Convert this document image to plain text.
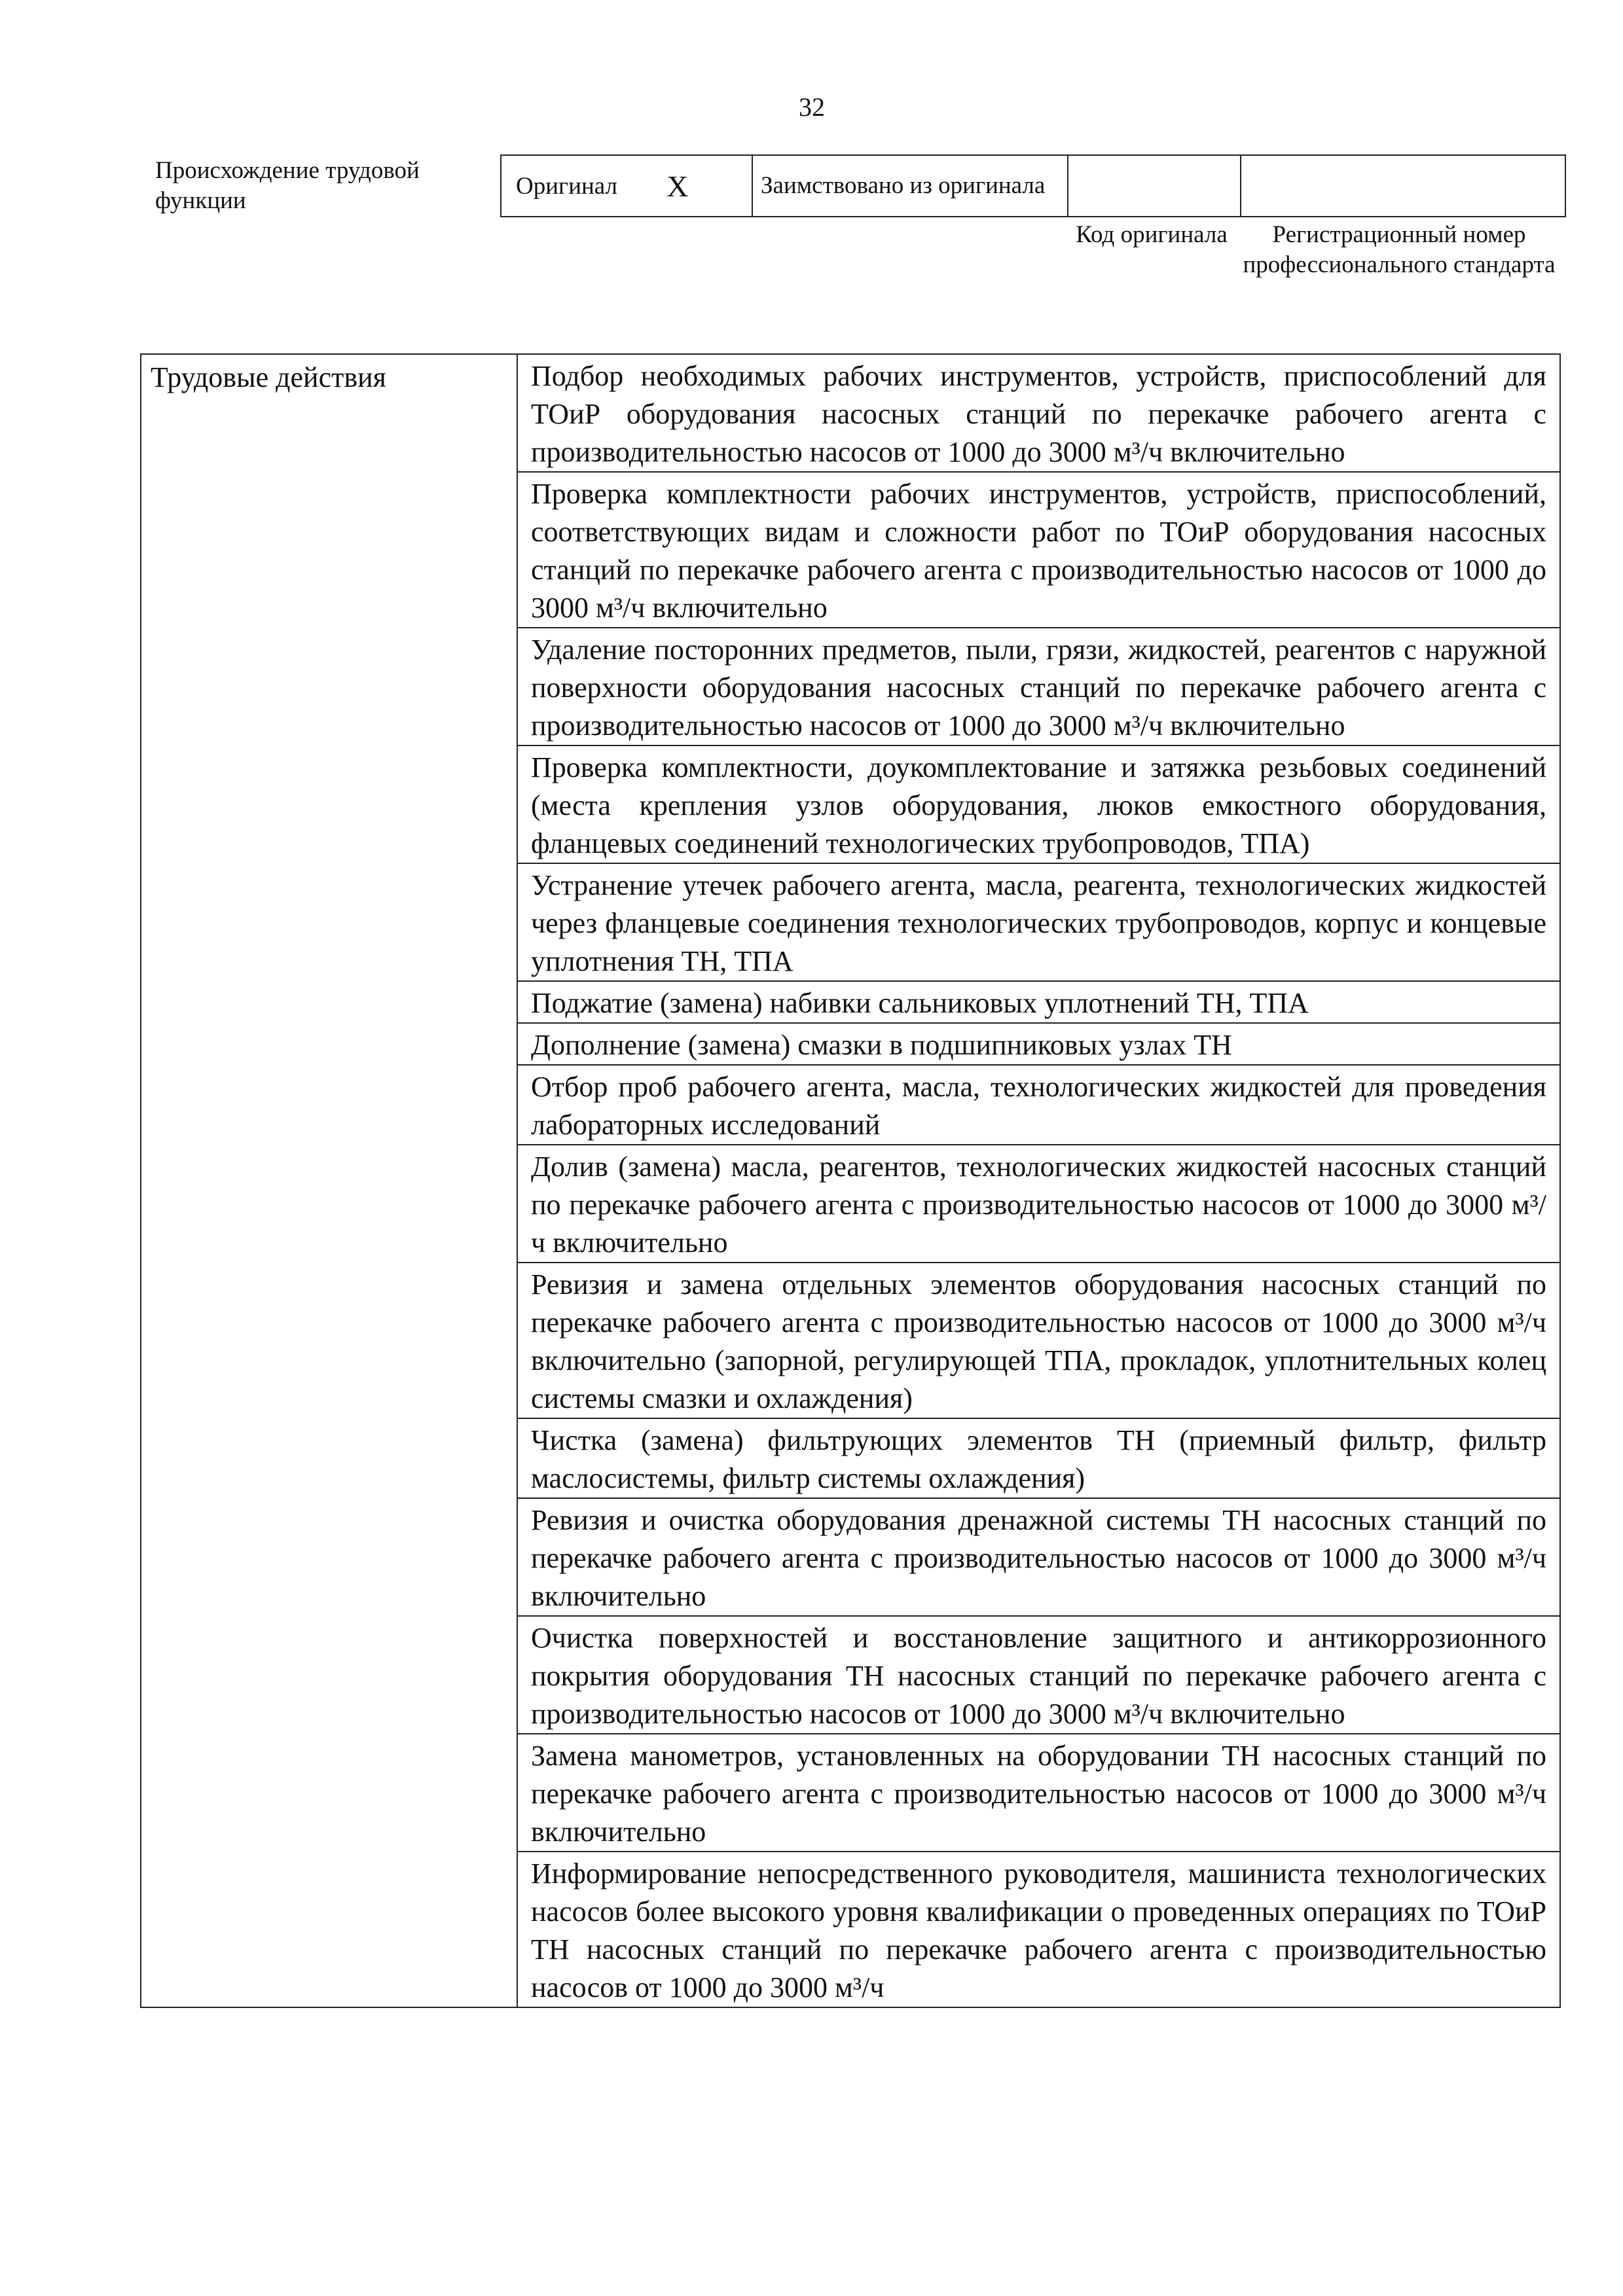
32
Происхождение трудовой функции
Оригинал X	Заимствовано из оригинала		
Код оригинала	Регистрационный номер профессионального стандарта
Трудовые действия	Подбор необходимых рабочих инструментов, устройств, приспособлений для ТОиР оборудования насосных станций по перекачке рабочего агента с производительностью насосов от 1000 до 3000 м³/ч включительно
Проверка комплектности рабочих инструментов, устройств, приспособлений, соответствующих видам и сложности работ по ТОиР оборудования насосных станций по перекачке рабочего агента с производительностью насосов от 1000 до 3000 м³/ч включительно
Удаление посторонних предметов, пыли, грязи, жидкостей, реагентов с наружной поверхности оборудования насосных станций по перекачке рабочего агента с производительностью насосов от 1000 до 3000 м³/ч включительно
Проверка комплектности, доукомплектование и затяжка резьбовых соединений (места крепления узлов оборудования, люков емкостного оборудования, фланцевых соединений технологических трубопроводов, ТПА)
Устранение утечек рабочего агента, масла, реагента, технологических жидкостей через фланцевые соединения технологических трубопроводов, корпус и концевые уплотнения ТН, ТПА
Поджатие (замена) набивки сальниковых уплотнений ТН, ТПА
Дополнение (замена) смазки в подшипниковых узлах ТН
Отбор проб рабочего агента, масла, технологических жидкостей для проведения лабораторных исследований
Долив (замена) масла, реагентов, технологических жидкостей насосных станций по перекачке рабочего агента с производительностью насосов от 1000 до 3000 м³/ч включительно
Ревизия и замена отдельных элементов оборудования насосных станций по перекачке рабочего агента с производительностью насосов от 1000 до 3000 м³/ч включительно (запорной, регулирующей ТПА, прокладок, уплотнительных колец системы смазки и охлаждения)
Чистка (замена) фильтрующих элементов ТН (приемный фильтр, фильтр маслосистемы, фильтр системы охлаждения)
Ревизия и очистка оборудования дренажной системы ТН насосных станций по перекачке рабочего агента с производительностью насосов от 1000 до 3000 м³/ч включительно
Очистка поверхностей и восстановление защитного и антикоррозионного покрытия оборудования ТН насосных станций по перекачке рабочего агента с производительностью насосов от 1000 до 3000 м³/ч включительно
Замена манометров, установленных на оборудовании ТН насосных станций по перекачке рабочего агента с производительностью насосов от 1000 до 3000 м³/ч включительно
Информирование непосредственного руководителя, машиниста технологических насосов более высокого уровня квалификации о проведенных операциях по ТОиР ТН насосных станций по перекачке рабочего агента с производительностью насосов от 1000 до 3000 м³/ч
